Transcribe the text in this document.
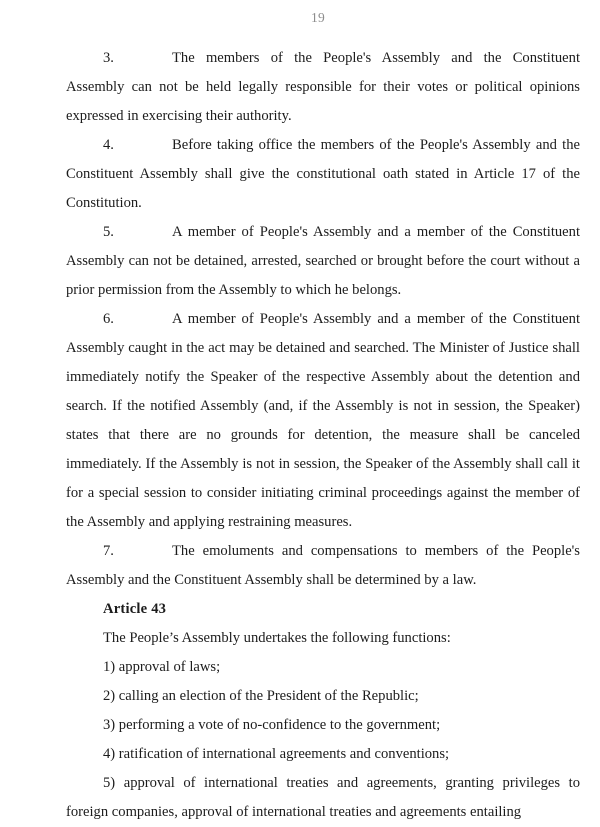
19

3.	The members of the People's Assembly and the Constituent Assembly can not be held legally responsible for their votes or political opinions expressed in exercising their authority.

4.	Before taking office the members of the People's Assembly and the Constituent Assembly shall give the constitutional oath stated in Article 17 of the Constitution.

5.	A member of People's Assembly and a member of the Constituent Assembly can not be detained, arrested, searched or brought before the court without a prior permission from the Assembly to which he belongs.

6.	A member of People's Assembly and a member of the Constituent Assembly caught in the act may be detained and searched. The Minister of Justice shall immediately notify the Speaker of the respective Assembly about the detention and search. If the notified Assembly (and, if the Assembly is not in session, the Speaker) states that there are no grounds for detention, the measure shall be canceled immediately. If the Assembly is not in session, the Speaker of the Assembly shall call it for a special session to consider initiating criminal proceedings against the member of the Assembly and applying restraining measures.

7.	The emoluments and compensations to members of the People's Assembly and the Constituent Assembly shall be determined by a law.

Article 43

The People’s Assembly undertakes the following functions:

1) approval of laws;

2) calling an election of the President of the Republic;

3) performing a vote of no-confidence to the government;

4) ratification of international agreements and conventions;

5) approval of international treaties and agreements, granting privileges to foreign companies, approval of international treaties and agreements entailing
